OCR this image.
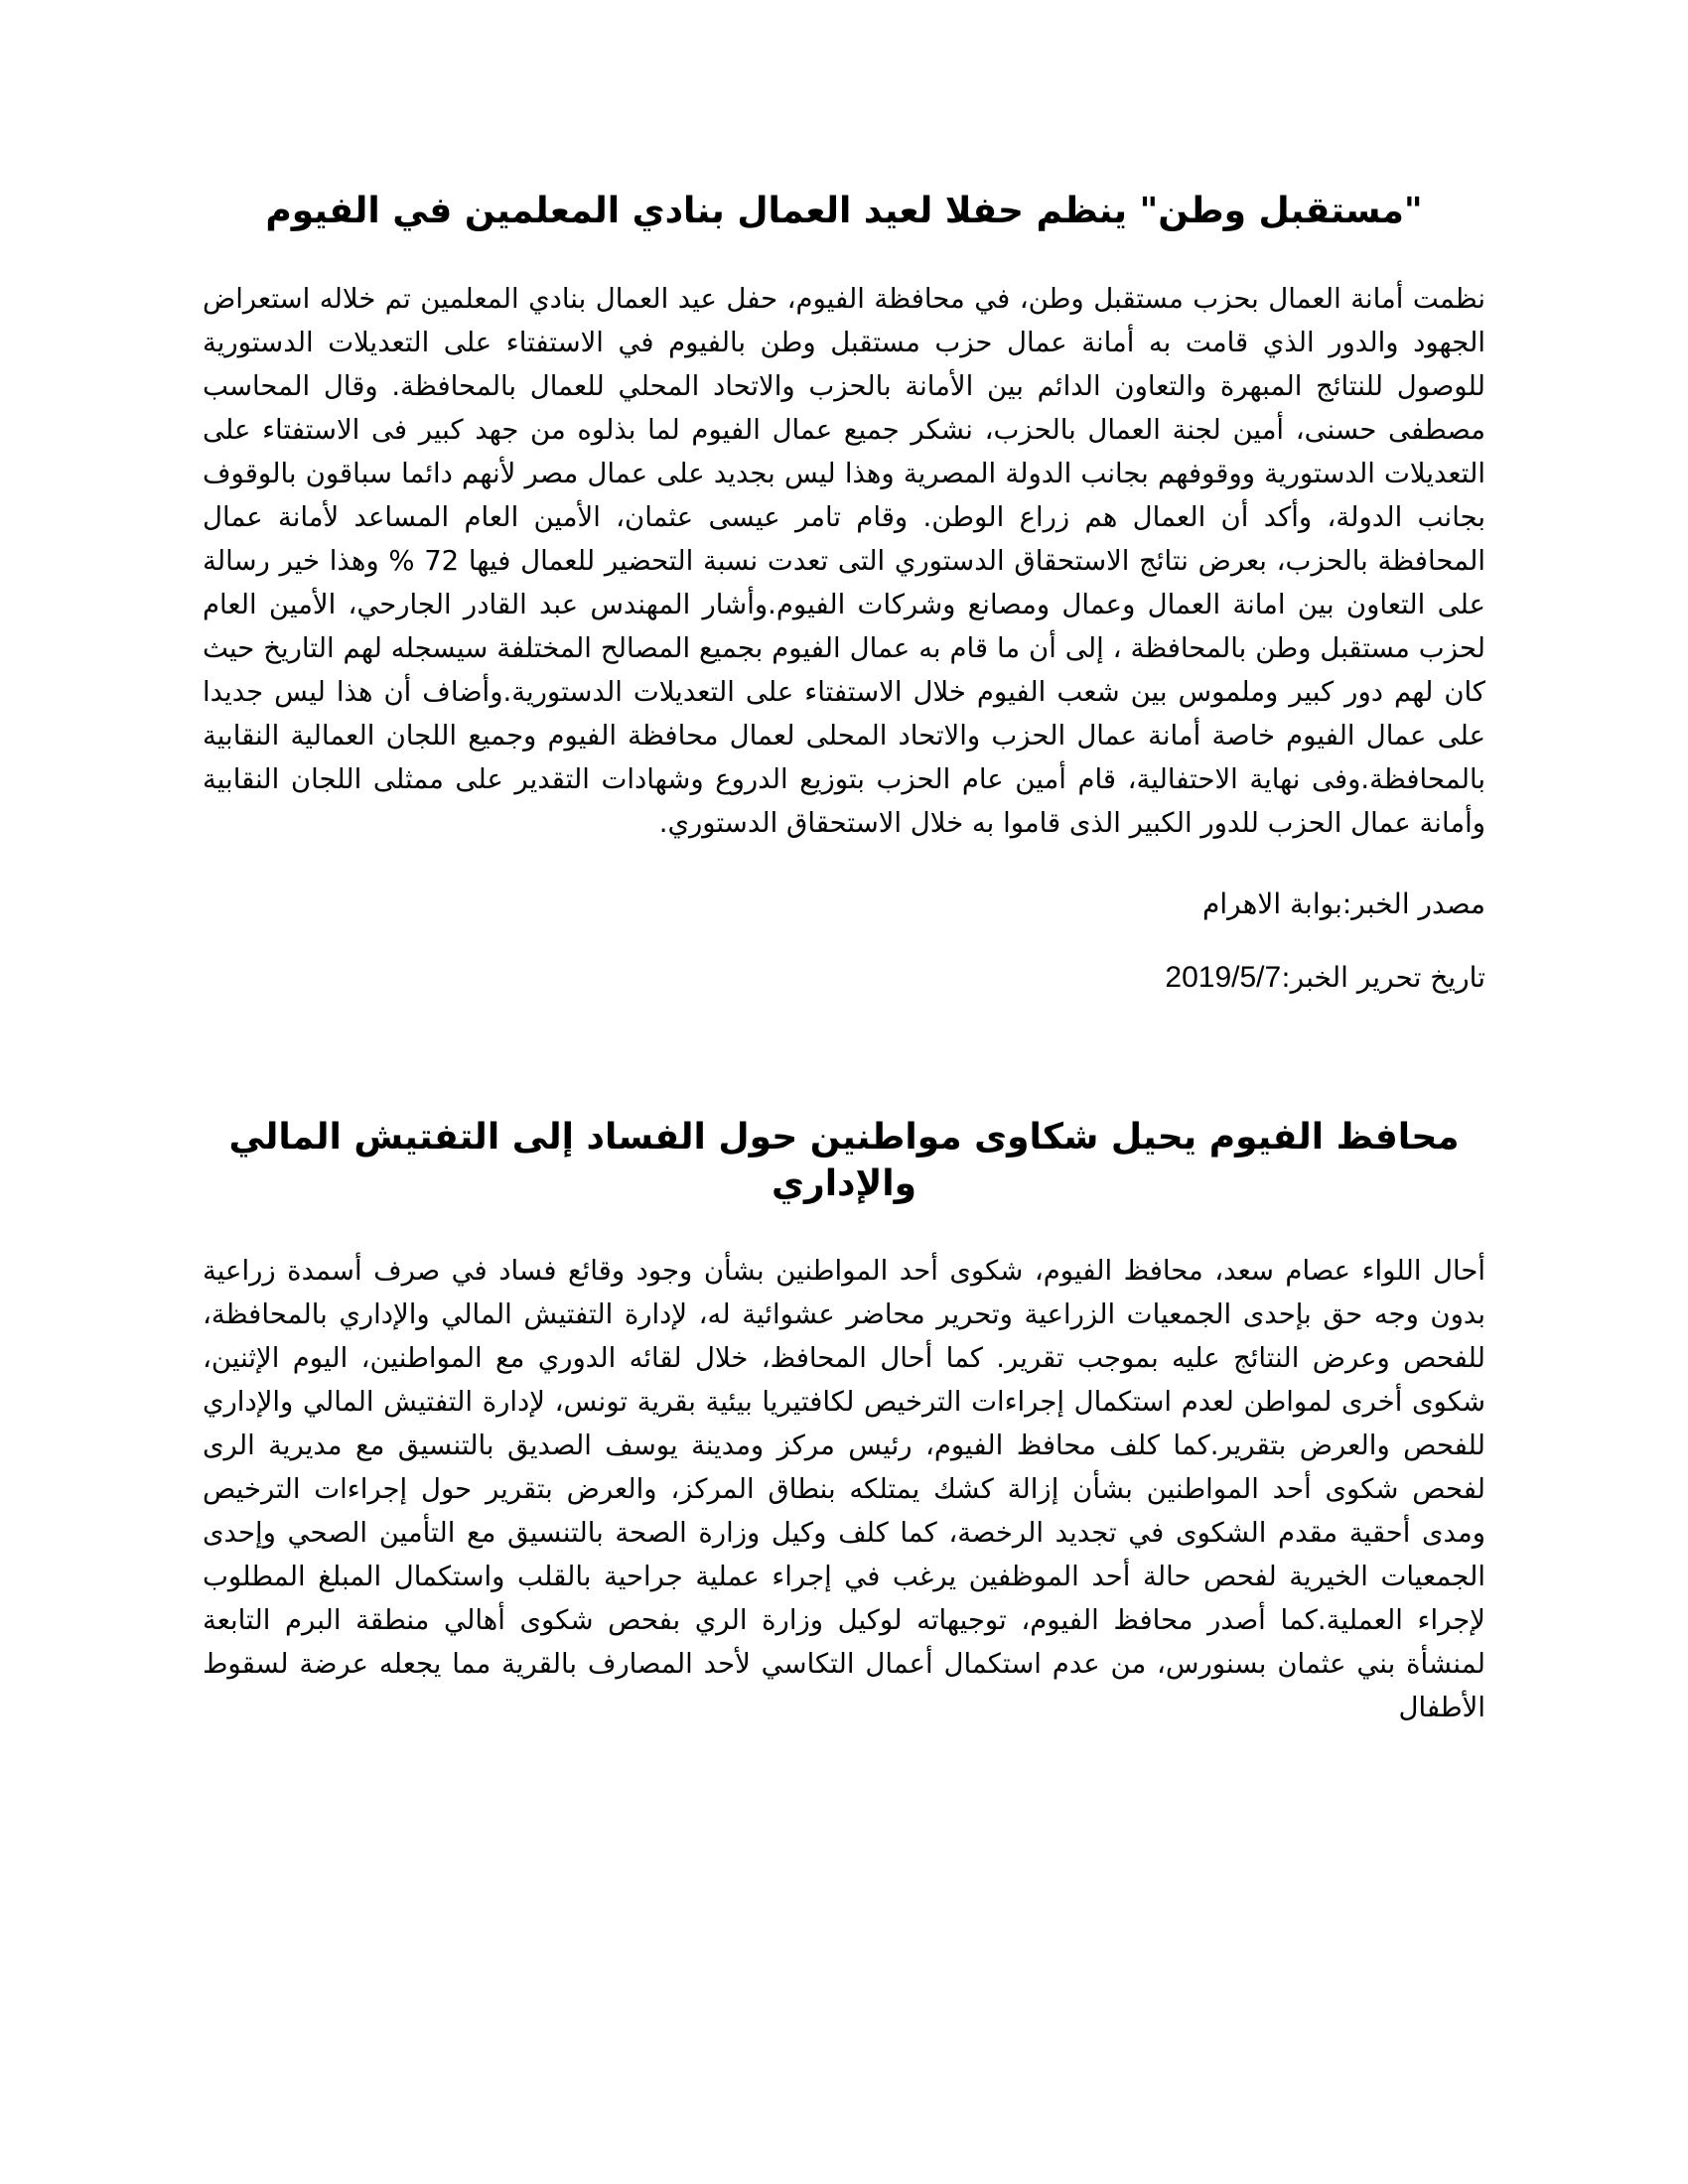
"مستقبل وطن" ينظم حفلا لعيد العمال بنادي المعلمين في الفيوم

نظمت أمانة العمال بحزب مستقبل وطن، في محافظة الفيوم، حفل عيد العمال بنادي المعلمين تم خلاله استعراض الجهود والدور الذي قامت به أمانة عمال حزب مستقبل وطن بالفيوم في الاستفتاء على التعديلات الدستورية للوصول للنتائج المبهرة والتعاون الدائم بين الأمانة بالحزب والاتحاد المحلي للعمال بالمحافظة. وقال المحاسب مصطفى حسنى، أمين لجنة العمال بالحزب، نشكر جميع عمال الفيوم لما بذلوه من جهد كبير فى الاستفتاء على التعديلات الدستورية ووقوفهم بجانب الدولة المصرية وهذا ليس بجديد على عمال مصر لأنهم دائما سباقون بالوقوف بجانب الدولة، وأكد أن العمال هم زراع الوطن. وقام تامر عيسى عثمان، الأمين العام المساعد لأمانة عمال المحافظة بالحزب، بعرض نتائج الاستحقاق الدستوري التى تعدت نسبة التحضير للعمال فيها 72 % وهذا خير رسالة على التعاون بين امانة العمال وعمال ومصانع وشركات الفيوم.وأشار المهندس عبد القادر الجارحي، الأمين العام لحزب مستقبل وطن بالمحافظة ، إلى أن ما قام به عمال الفيوم بجميع المصالح المختلفة سيسجله لهم التاريخ حيث كان لهم دور كبير وملموس بين شعب الفيوم خلال الاستفتاء على التعديلات الدستورية.وأضاف أن هذا ليس جديدا على عمال الفيوم خاصة أمانة عمال الحزب والاتحاد المحلى لعمال محافظة الفيوم وجميع اللجان العمالية النقابية بالمحافظة.وفى نهاية الاحتفالية، قام أمين عام الحزب بتوزيع الدروع وشهادات التقدير على ممثلى اللجان النقابية وأمانة عمال الحزب للدور الكبير الذى قاموا به خلال الاستحقاق الدستوري.

مصدر الخبر:بوابة الاهرام

تاريخ تحرير الخبر:2019/5/7

محافظ الفيوم يحيل شكاوى مواطنين حول الفساد إلى التفتيش المالي والإداري

أحال اللواء عصام سعد، محافظ الفيوم، شكوى أحد المواطنين بشأن وجود وقائع فساد في صرف أسمدة زراعية بدون وجه حق بإحدى الجمعيات الزراعية وتحرير محاضر عشوائية له، لإدارة التفتيش المالي والإداري بالمحافظة، للفحص وعرض النتائج عليه بموجب تقرير. كما أحال المحافظ، خلال لقائه الدوري مع المواطنين، اليوم الإثنين، شكوى أخرى لمواطن لعدم استكمال إجراءات الترخيص لكافتيريا بيئية بقرية تونس، لإدارة التفتيش المالي والإداري للفحص والعرض بتقرير.كما كلف محافظ الفيوم، رئيس مركز ومدينة يوسف الصديق بالتنسيق مع مديرية الرى لفحص شكوى أحد المواطنين بشأن إزالة كشك يمتلكه بنطاق المركز، والعرض بتقرير حول إجراءات الترخيص ومدى أحقية مقدم الشكوى في تجديد الرخصة، كما كلف وكيل وزارة الصحة بالتنسيق مع التأمين الصحي وإحدى الجمعيات الخيرية لفحص حالة أحد الموظفين يرغب في إجراء عملية جراحية بالقلب واستكمال المبلغ المطلوب لإجراء العملية.كما أصدر محافظ الفيوم، توجيهاته لوكيل وزارة الري بفحص شكوى أهالي منطقة البرم التابعة لمنشأة بني عثمان بسنورس، من عدم استكمال أعمال التكاسي لأحد المصارف بالقرية مما يجعله عرضة لسقوط الأطفال
